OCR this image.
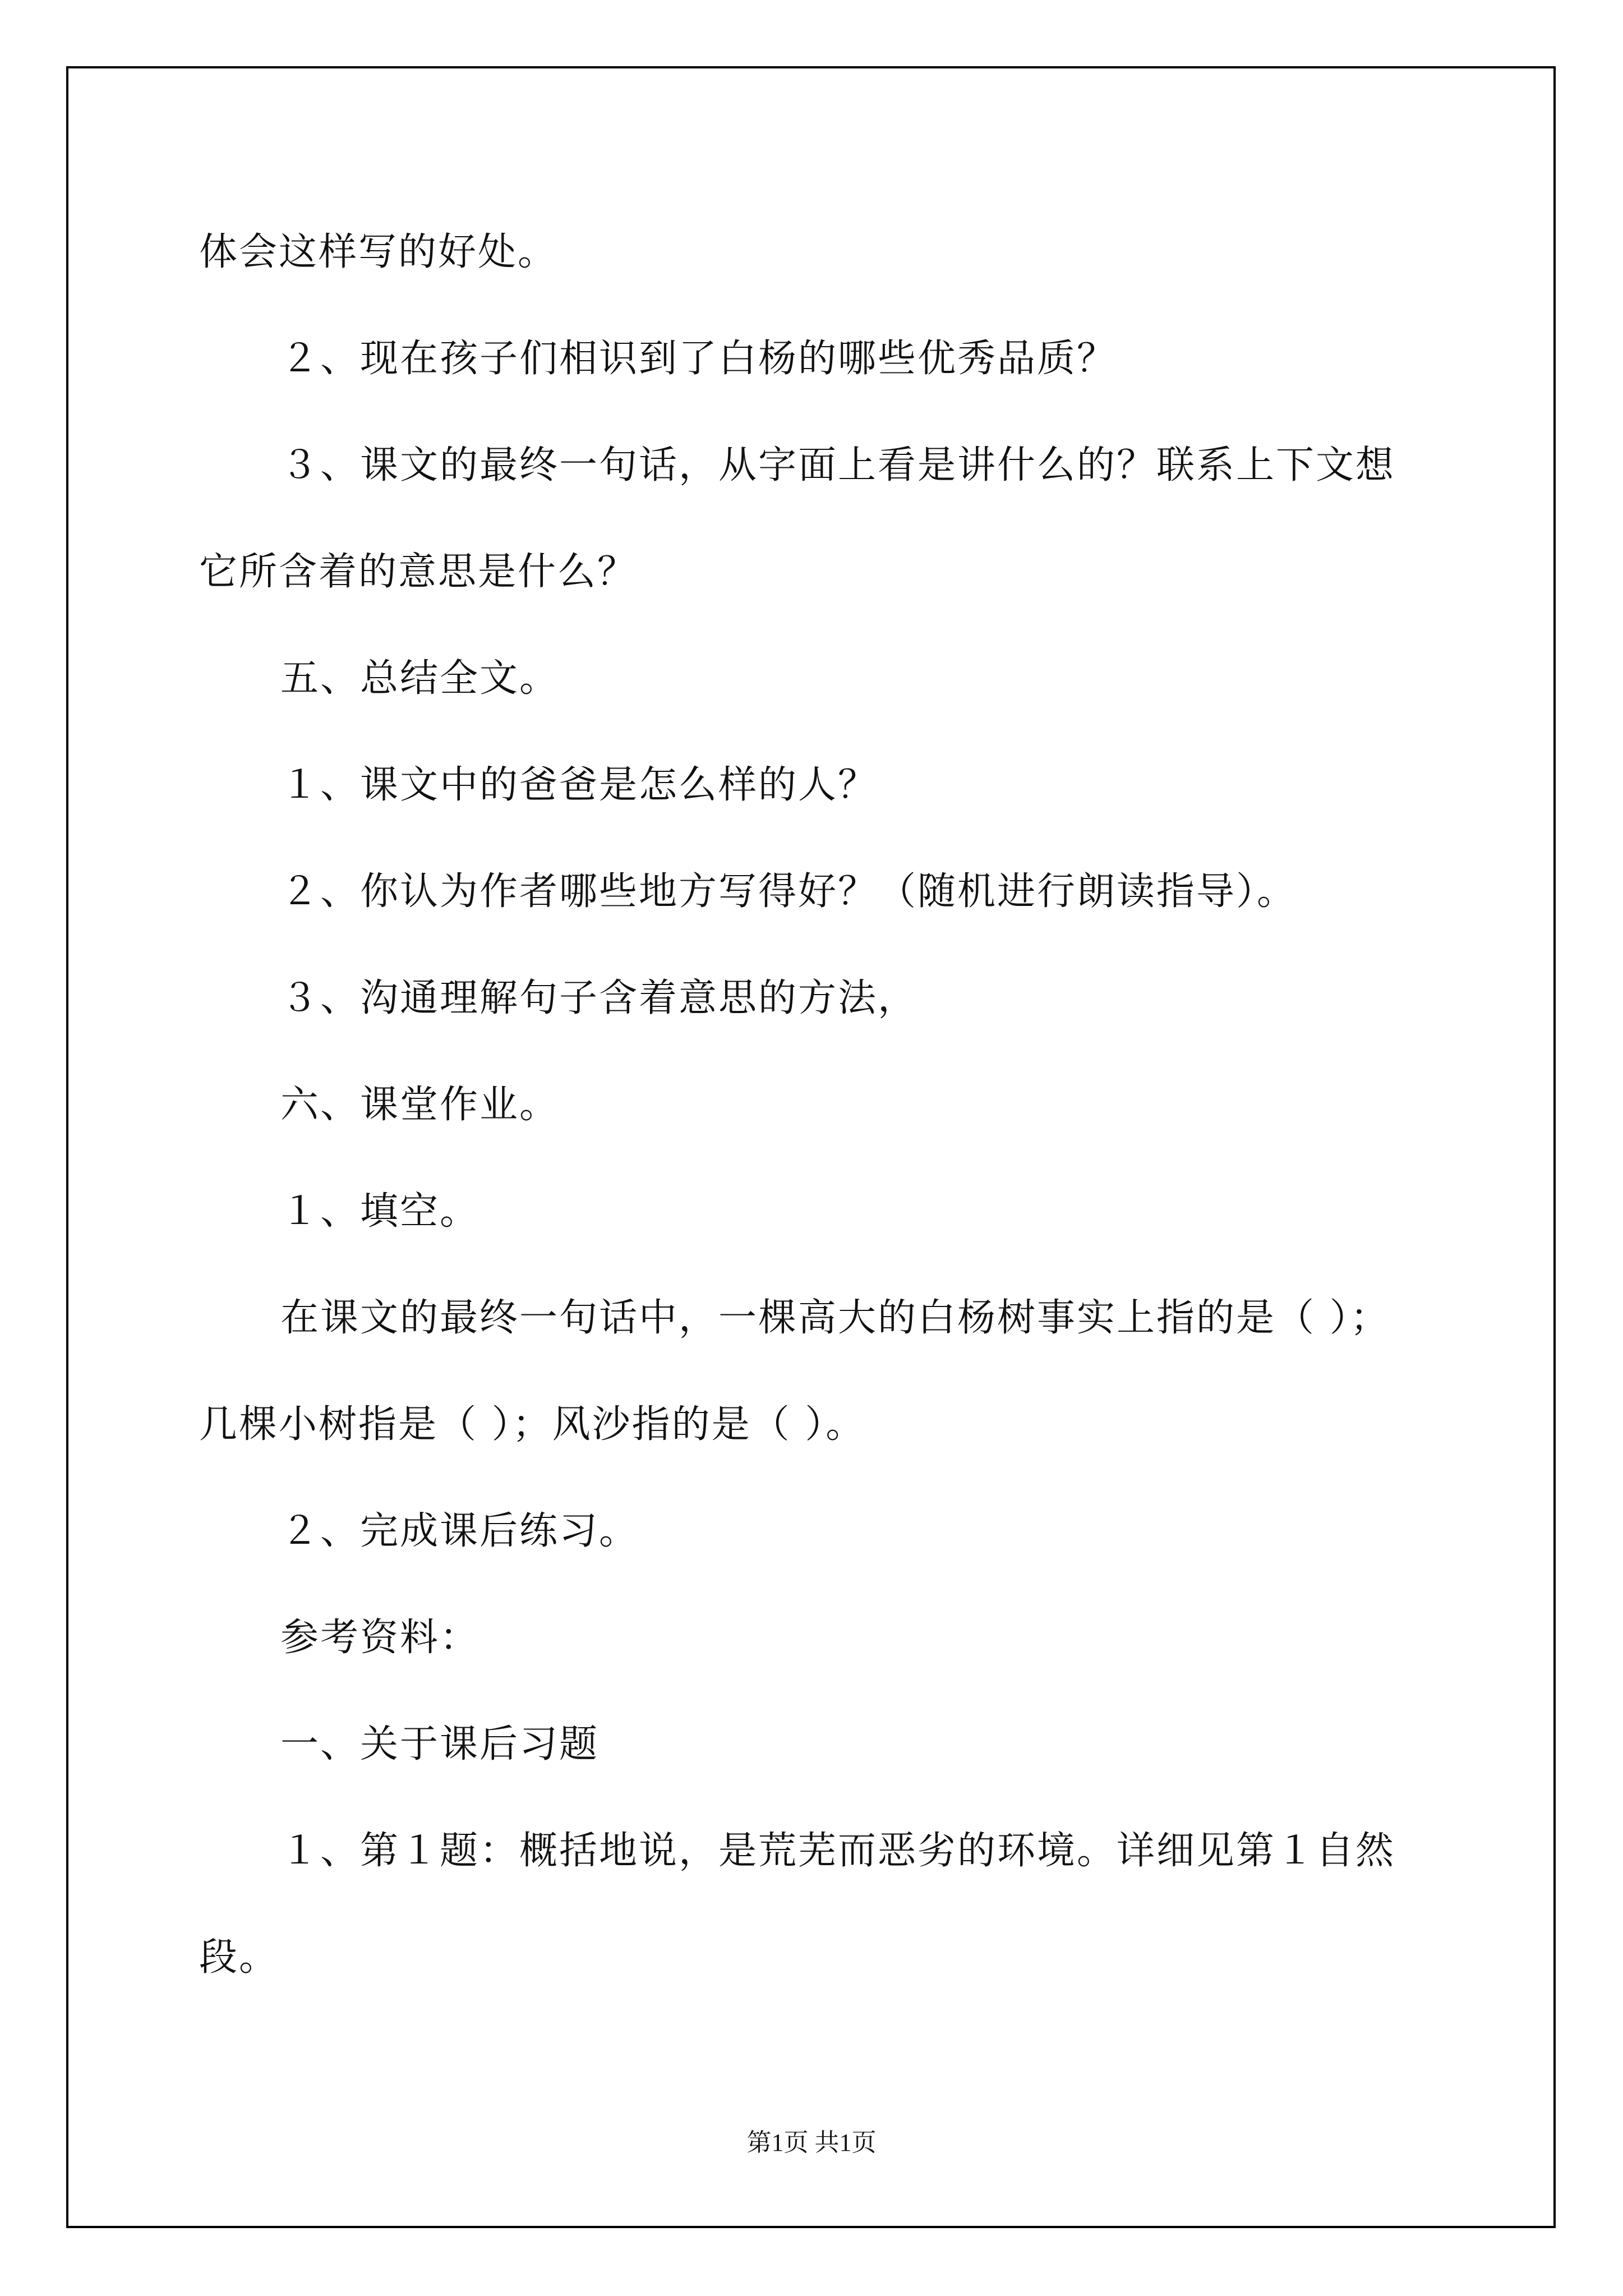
体会这样写的好处。

２、现在孩子们相识到了白杨的哪些优秀品质？

３、课文的最终一句话，从字面上看是讲什么的？联系上下文想

它所含着的意思是什么？

五、总结全文。

１、课文中的爸爸是怎么样的人？

２、你认为作者哪些地方写得好？（随机进行朗读指导）。

３、沟通理解句子含着意思的方法，

六、课堂作业。

１、填空。

在课文的最终一句话中，一棵高大的白杨树事实上指的是（ ）；

几棵小树指是（ ）；风沙指的是（ ）。

２、完成课后练习。

参考资料：

一、关于课后习题

１、第１题：概括地说，是荒芜而恶劣的环境。详细见第１自然

段。

第1页 共1页
